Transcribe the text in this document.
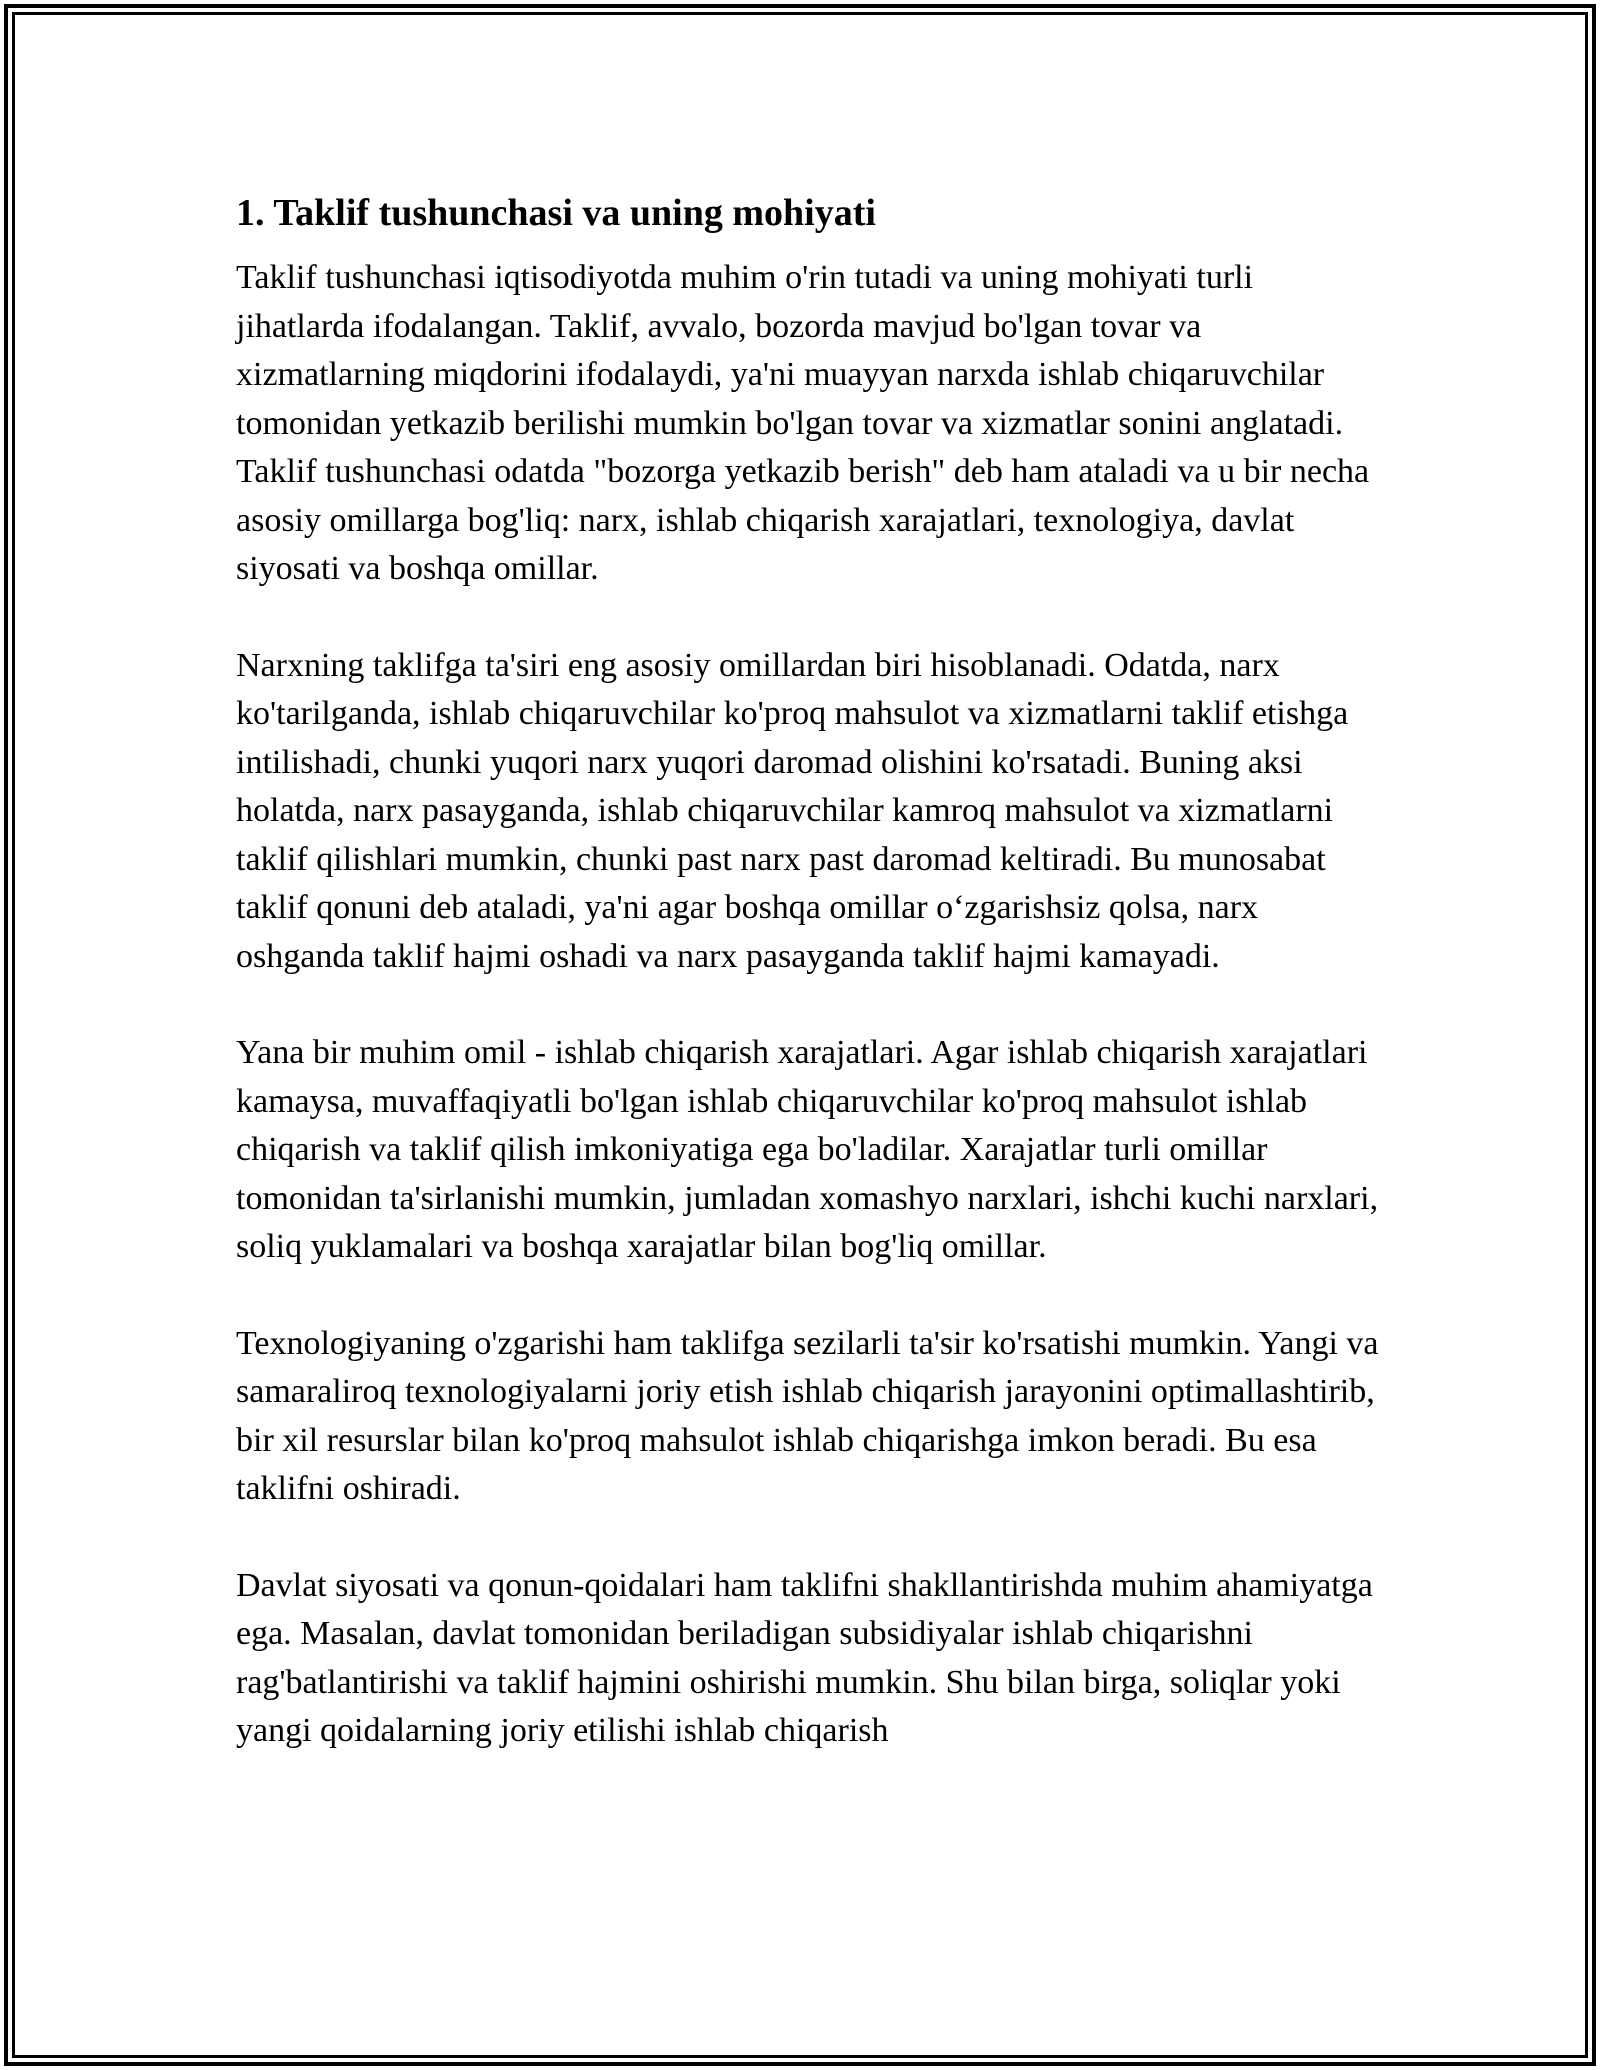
1. Taklif tushunchasi va uning mohiyati

Taklif tushunchasi iqtisodiyotda muhim o'rin tutadi va uning mohiyati turli jihatlarda ifodalangan. Taklif, avvalo, bozorda mavjud bo'lgan tovar va xizmatlarning miqdorini ifodalaydi, ya'ni muayyan narxda ishlab chiqaruvchilar tomonidan yetkazib berilishi mumkin bo'lgan tovar va xizmatlar sonini anglatadi. Taklif tushunchasi odatda "bozorga yetkazib berish" deb ham ataladi va u bir necha asosiy omillarga bog'liq: narx, ishlab chiqarish xarajatlari, texnologiya, davlat siyosati va boshqa omillar.

Narxning taklifga ta'siri eng asosiy omillardan biri hisoblanadi. Odatda, narx ko'tarilganda, ishlab chiqaruvchilar ko'proq mahsulot va xizmatlarni taklif etishga intilishadi, chunki yuqori narx yuqori daromad olishini ko'rsatadi. Buning aksi holatda, narx pasayganda, ishlab chiqaruvchilar kamroq mahsulot va xizmatlarni taklif qilishlari mumkin, chunki past narx past daromad keltiradi. Bu munosabat taklif qonuni deb ataladi, ya'ni agar boshqa omillar o‘zgarishsiz qolsa, narx oshganda taklif hajmi oshadi va narx pasayganda taklif hajmi kamayadi.

Yana bir muhim omil - ishlab chiqarish xarajatlari. Agar ishlab chiqarish xarajatlari kamaysa, muvaffaqiyatli bo'lgan ishlab chiqaruvchilar ko'proq mahsulot ishlab chiqarish va taklif qilish imkoniyatiga ega bo'ladilar. Xarajatlar turli omillar tomonidan ta'sirlanishi mumkin, jumladan xomashyo narxlari, ishchi kuchi narxlari, soliq yuklamalari va boshqa xarajatlar bilan bog'liq omillar.

Texnologiyaning o'zgarishi ham taklifga sezilarli ta'sir ko'rsatishi mumkin. Yangi va samaraliroq texnologiyalarni joriy etish ishlab chiqarish jarayonini optimallashtirib, bir xil resurslar bilan ko'proq mahsulot ishlab chiqarishga imkon beradi. Bu esa taklifni oshiradi.

Davlat siyosati va qonun-qoidalari ham taklifni shakllantirishda muhim ahamiyatga ega. Masalan, davlat tomonidan beriladigan subsidiyalar ishlab chiqarishni rag'batlantirishi va taklif hajmini oshirishi mumkin. Shu bilan birga, soliqlar yoki yangi qoidalarning joriy etilishi ishlab chiqarish
